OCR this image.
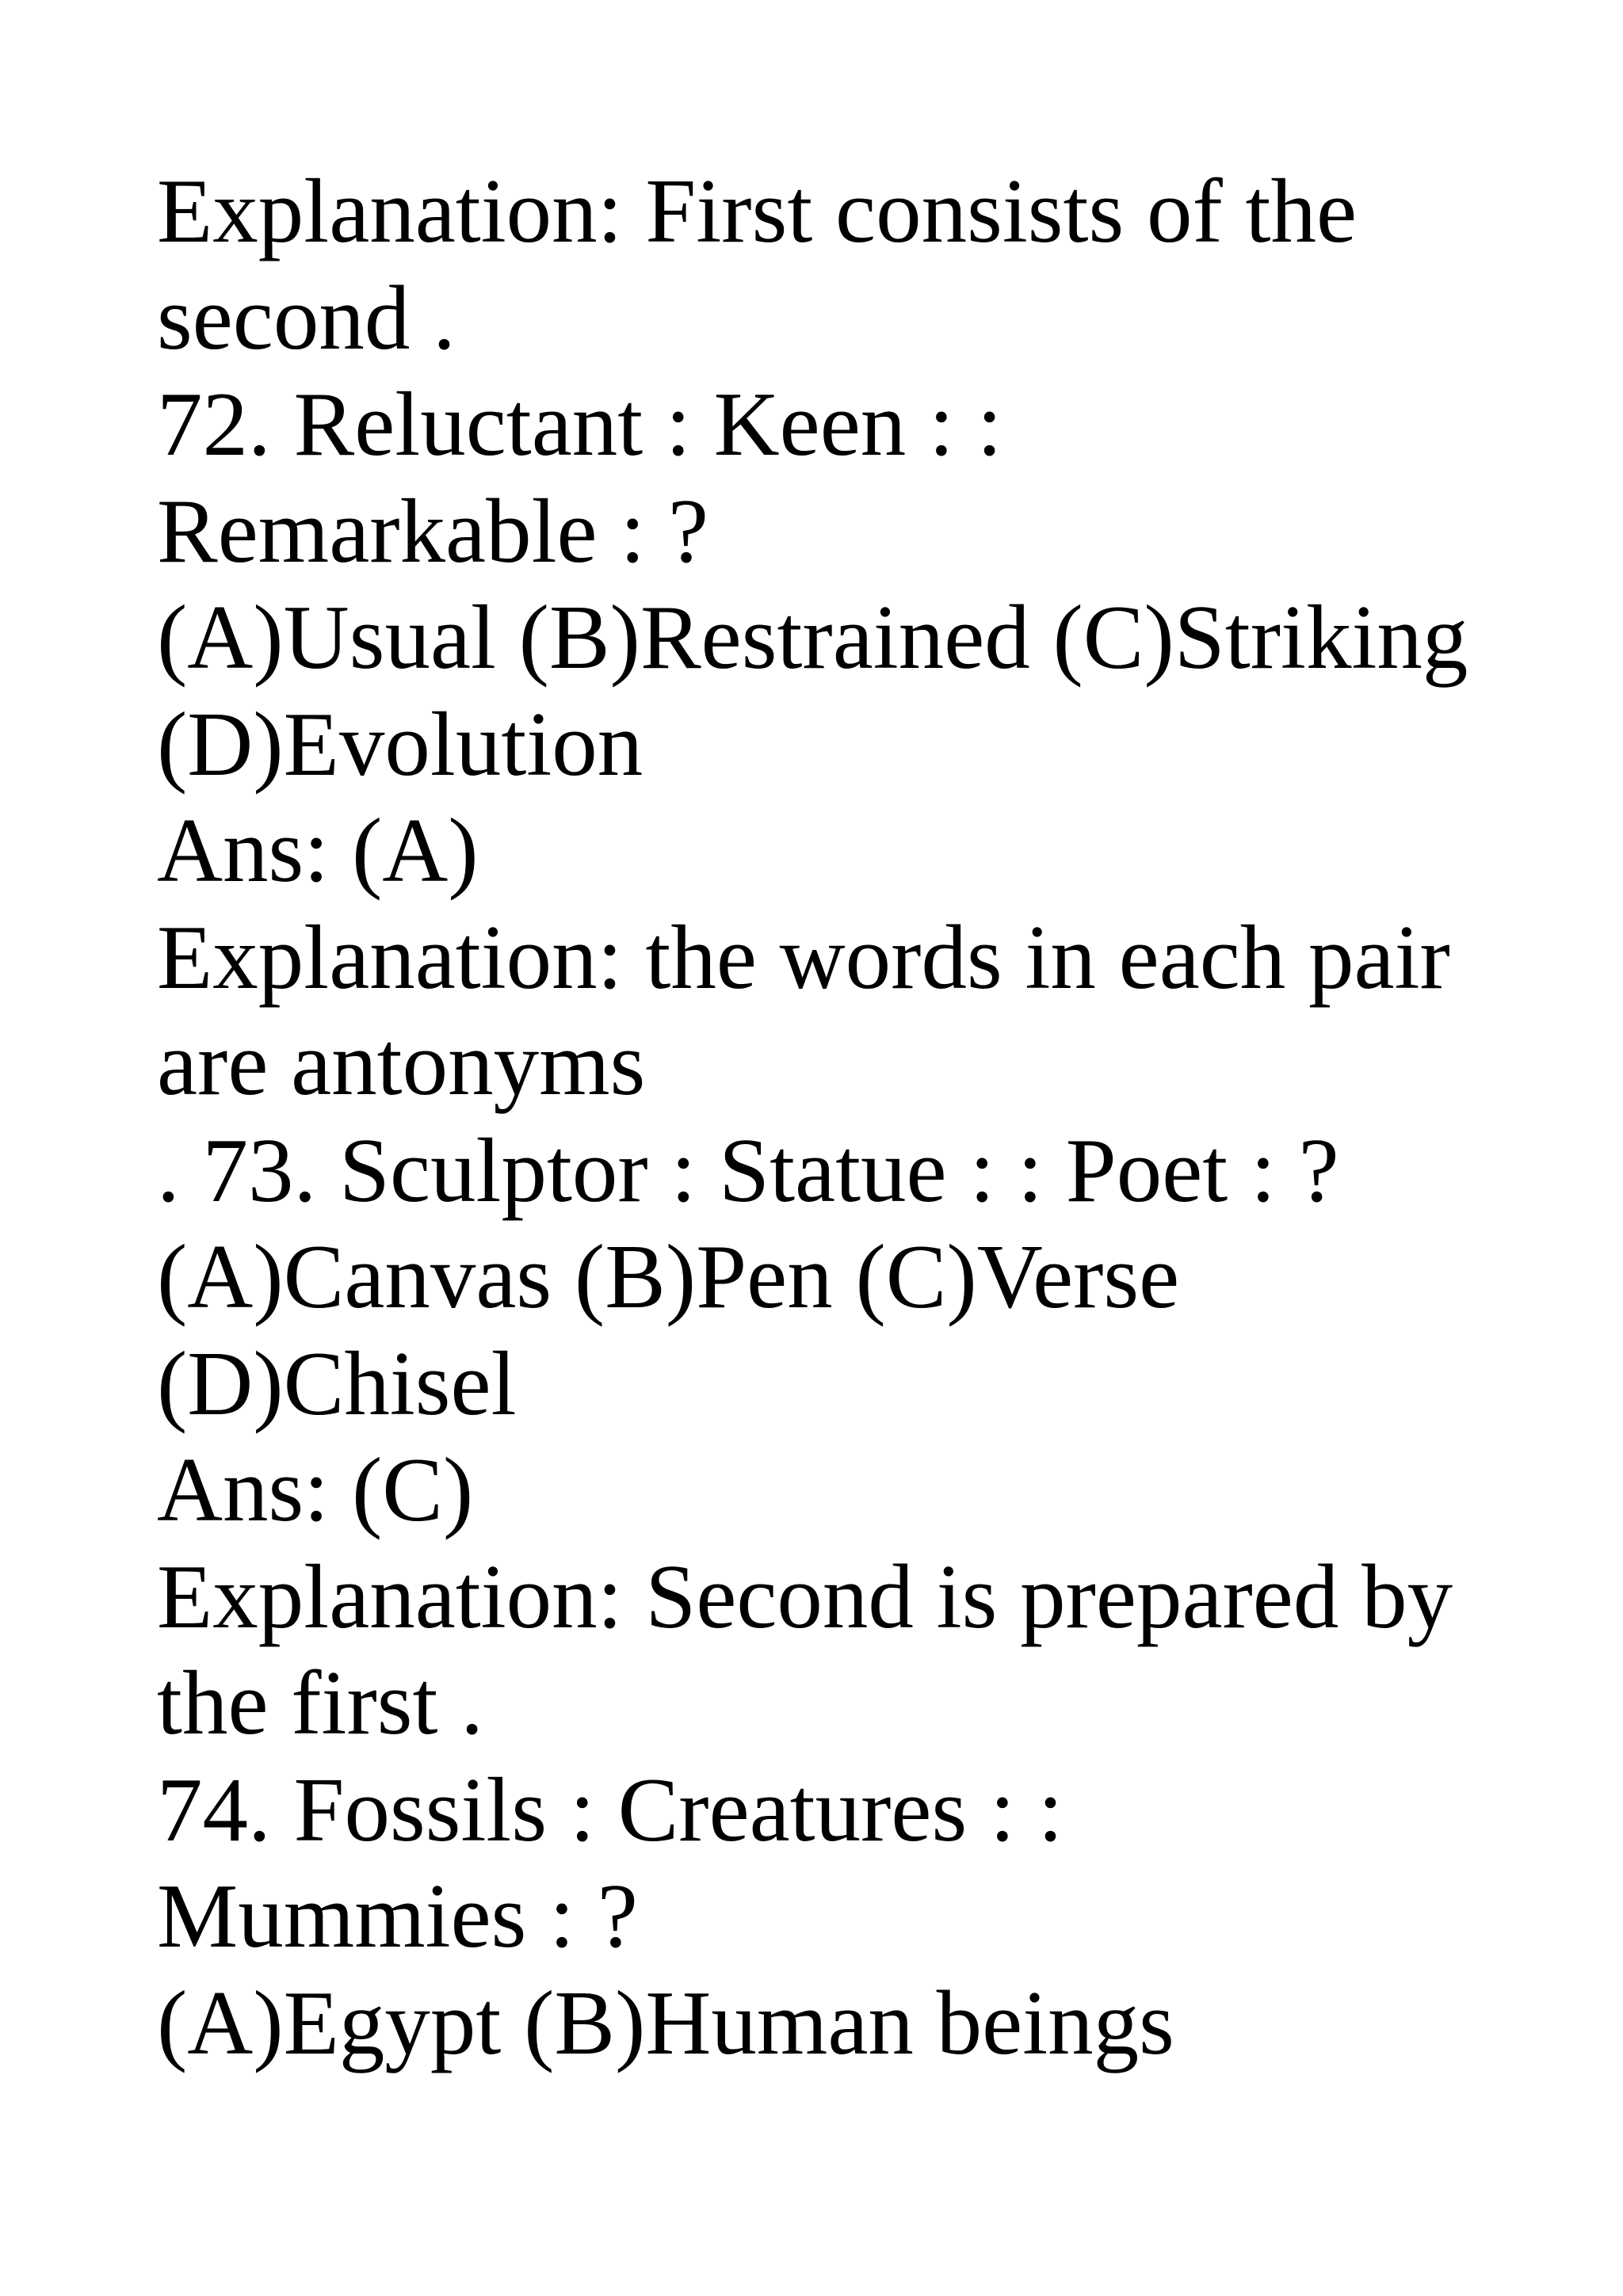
Explanation: First consists of the
second .
72. Reluctant : Keen : :
Remarkable : ?
(A)Usual (B)Restrained (C)Striking
(D)Evolution
Ans: (A)
Explanation: the words in each pair
are antonyms
. 73. Sculptor : Statue : : Poet : ?
(A)Canvas (B)Pen (C)Verse
(D)Chisel
Ans: (C)
Explanation: Second is prepared by
the first .
74. Fossils : Creatures : :
Mummies : ?
(A)Egypt (B)Human beings
